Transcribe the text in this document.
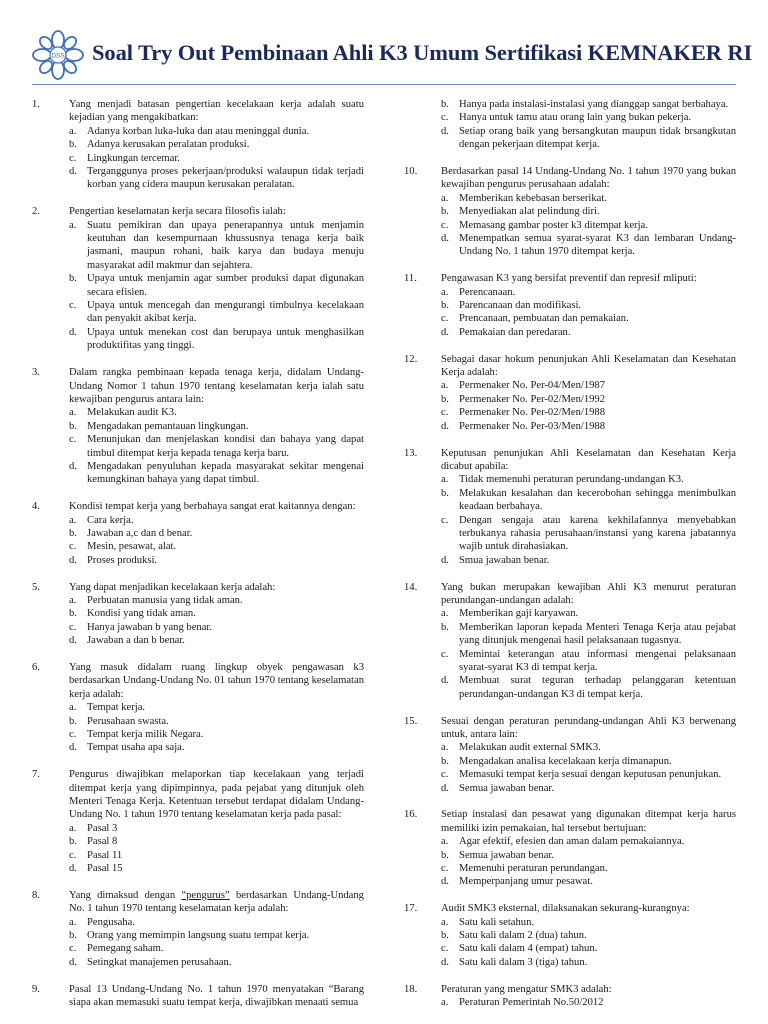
DSS Soal Try Out Pembinaan Ahli K3 Umum Sertifikasi KEMNAKER RI
1.	Yang menjadi batasan pengertian kecelakaan kerja adalah suatu kejadian yang mengakibatkan:
a. Adanya korban luka-luka dan atau meninggal dunia.
b. Adanya kerusakan peralatan produksi.
c. Lingkungan tercemar.
d. Terganggunya proses pekerjaan/produksi walaupun tidak terjadi korban yang cidera maupun kerusakan peralatan.
2.	Pengertian keselamatan kerja secara filosofis ialah:
a. Suatu pemikiran dan upaya penerapannya untuk menjamin keutuhan dan kesempurnaan khussusnya tenaga kerja baik jasmani, maupun rohani, baik karya dan budaya menuju masyarakat adil makmur dan sejahtera.
b. Upaya untuk menjamin agar sumber produksi dapat digunakan secara efisien.
c. Upaya untuk mencegah dan mengurangi timbulnya kecelakaan dan penyakit akibat kerja.
d. Upaya untuk menekan cost dan berupaya untuk menghasilkan produktifitas yang tinggi.
3.	Dalam rangka pembinaan kepada tenaga kerja, didalam Undang-Undang Nomor 1 tahun 1970 tentang keselamatan kerja ialah satu kewajiban pengurus antara lain:
a. Melakukan audit K3.
b. Mengadakan pemantauan lingkungan.
c. Menunjukan dan menjelaskan kondisi dan bahaya yang dapat timbul ditempat kerja kepada tenaga kerja baru.
d. Mengadakan penyuluhan kepada masyarakat sekitar mengenai kemungkinan bahaya yang dapat timbul.
4.	Kondisi tempat kerja yang berbahaya sangat erat kaitannya dengan:
a. Cara kerja.
b. Jawaban a,c dan d benar.
c. Mesin, pesawat, alat.
d. Proses produksi.
5.	Yang dapat menjadikan kecelakaan kerja adalah:
a. Perbuatan manusia yang tidak aman.
b. Kondisi yang tidak aman.
c. Hanya jawaban b yang benar.
d. Jawaban a dan b benar.
6.	Yang masuk didalam ruang lingkup obyek pengawasan k3 berdasarkan Undang-Undang No. 01 tahun 1970 tentang keselamatan kerja adalah:
a. Tempat kerja.
b. Perusahaan swasta.
c. Tempat kerja milik Negara.
d. Tempat usaha apa saja.
7.	Pengurus diwajibkan melaporkan tiap kecelakaan yang terjadi ditempat kerja yang dipimpinnya, pada pejabat yang ditunjuk oleh Menteri Tenaga Kerja. Ketentuan tersebut terdapat didalam Undang-Undang No. 1 tahun 1970 tentang keselamatan kerja pada pasal:
a. Pasal 3
b. Pasal 8
c. Pasal 11
d. Pasal 15
8.	Yang dimaksud dengan “pengurus” berdasarkan Undang-Undang No. 1 tahun 1970 tentang keselamatan kerja adalah:
a. Pengusaha.
b. Orang yang memimpin langsung suatu tempat kerja.
c. Pemegang saham.
d. Setingkat manajemen perusahaan.
9.	Pasal 13 Undang-Undang No. 1 tahun 1970 menyatakan “Barang siapa akan memasuki suatu tempat kerja, diwajibkan menaati semua
b. Hanya pada instalasi-instalasi yang dianggap sangat berbahaya.
c. Hanya untuk tamu atau orang lain yang bukan pekerja.
d. Setiap orang baik yang bersangkutan maupun tidak brsangkutan dengan pekerjaan ditempat kerja.
10. Berdasarkan pasal 14 Undang-Undang No. 1 tahun 1970 yang bukan kewajiban pengurus perusahaan adalah:
a. Memberikan kebebasan berserikat.
b. Menyediakan alat pelindung diri.
c. Memasang gambar poster k3 ditempat kerja.
d. Menempatkan semua syarat-syarat K3 dan lembaran Undang-Undang No. 1 tahun 1970 ditempat kerja.
11. Pengawasan K3 yang bersifat preventif dan represif mliputi:
a. Perencanaan.
b. Parencanaan dan modifikasi.
c. Prencanaan, pembuatan dan pemakaian.
d. Pemakaian dan peredaran.
12. Sebagai dasar hokum penunjukan Ahli Keselamatan dan Kesehatan Kerja adalah:
a. Permenaker No. Per-04/Men/1987
b. Permenaker No. Per-02/Men/1992
c. Permenaker No. Per-02/Men/1988
d. Permenaker No. Per-03/Men/1988
13. Keputusan penunjukan Ahli Keselamatan dan Kesehatan Kerja dicabut apabila:
a. Tidak memenuhi peraturan perundang-undangan K3.
b. Melakukan kesalahan dan kecerobohan sehingga menimbulkan keadaan berbahaya.
c. Dengan sengaja atau karena kekhilafannya menyebabkan terbukanya rahasia perusahaan/instansi yang karena jabatannya wajib untuk dirahasiakan.
d. Smua jawaban benar.
14. Yang bukan merupakan kewajiban Ahli K3 menurut peraturan perundangan-undangan adalah:
a. Memberikan gaji karyawan.
b. Memberikan laporan kepada Menteri Tenaga Kerja atau pejabat yang ditunjuk mengenai hasil pelaksanaan tugasnya.
c. Memintai keterangan atau informasi mengenai pelaksanaan syarat-syarat K3 di tempat kerja.
d. Membuat surat teguran terhadap pelanggaran ketentuan perundangan-undangan K3 di tempat kerja.
15. Sesuai dengan peraturan perundang-undangan Ahli K3 berwenang untuk, antara lain:
a. Melakukan audit external SMK3.
b. Mengadakan analisa kecelakaan kerja dimanapun.
c. Memasuki tempat kerja sesuai dengan keputusan penunjukan.
d. Semua jawaban benar.
16. Setiap instalasi dan pesawat yang digunakan ditempat kerja harus memiliki izin pemakaian, hal tersebut bertujuan:
a. Agar efektif, efesien dan aman dalam pemakaiannya.
b. Semua jawaban benar.
c. Memenuhi peraturan perundangan.
d. Memperpanjang umur pesawat.
17. Audit SMK3 eksternal, dilaksanakan sekurang-kurangnya:
a. Satu kali setahun.
b. Satu kali dalam 2 (dua) tahun.
c. Satu kali dalam 4 (empat) tahun.
d. Satu kali dalam 3 (tiga) tahun.
18. Peraturan yang mengatur SMK3 adalah:
a. Peraturan Pemerintah No.50/2012
